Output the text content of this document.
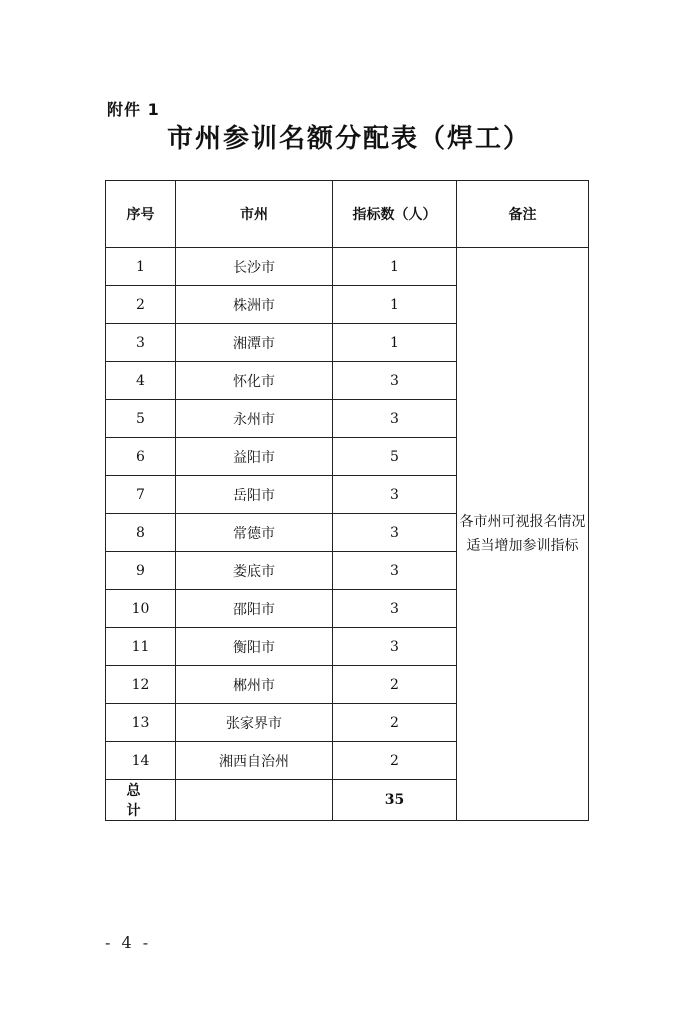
附件 1
市州参训名额分配表（焊工）
序号	市州	指标数（人）	备注
1	长沙市	1	各市州可视报名情况
适当增加参训指标

2	株洲市	1	
3	湘潭市	1	
4	怀化市	3	
5	永州市	3	
6	益阳市	5	
7	岳阳市	3	
8	常德市	3	
9	娄底市	3	
10	邵阳市	3	
11	衡阳市	3	
12	郴州市	2	
13	张家界市	2	
14	湘西自治州	2	
总 计		35	
- 4 -
